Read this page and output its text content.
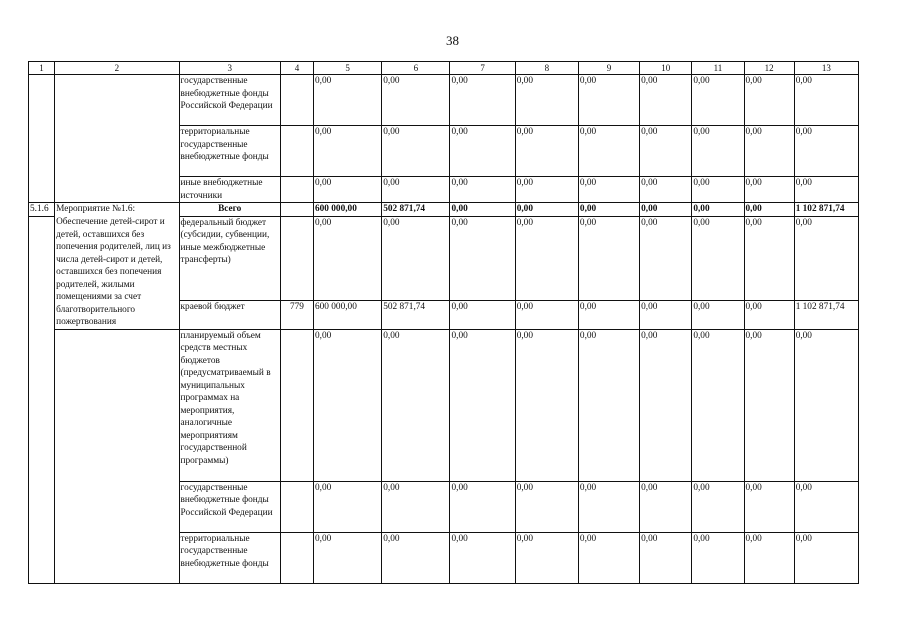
38
1	2	3	4	5	6	7	8	9	10	11	12	13
		государственные внебюджетные фонды Российской Федерации		0,00	0,00	0,00	0,00	0,00	0,00	0,00	0,00	0,00
		территориальные государственные внебюджетные фонды		0,00	0,00	0,00	0,00	0,00	0,00	0,00	0,00	0,00
		иные внебюджетные источники		0,00	0,00	0,00	0,00	0,00	0,00	0,00	0,00	0,00
5.1.6	Мероприятие №1.6:	Всего		600 000,00	502 871,74	0,00	0,00	0,00	0,00	0,00	0,00	1 102 871,74
	Обеспечение детей-сирот и детей, оставшихся без попечения родителей, лиц из числа детей-сирот и детей, оставшихся без попечения родителей, жилыми помещениями за счет благотворительного пожертвования	федеральный бюджет (субсидии, субвенции, иные межбюджетные трансферты)		0,00	0,00	0,00	0,00	0,00	0,00	0,00	0,00	0,00
		краевой бюджет	779	600 000,00	502 871,74	0,00	0,00	0,00	0,00	0,00	0,00	1 102 871,74
		планируемый объем средств местных бюджетов (предусматриваемый в муниципальных программах на мероприятия, аналогичные мероприятиям государственной программы)		0,00	0,00	0,00	0,00	0,00	0,00	0,00	0,00	0,00
		государственные внебюджетные фонды Российской Федерации		0,00	0,00	0,00	0,00	0,00	0,00	0,00	0,00	0,00
		территориальные государственные внебюджетные фонды		0,00	0,00	0,00	0,00	0,00	0,00	0,00	0,00	0,00
